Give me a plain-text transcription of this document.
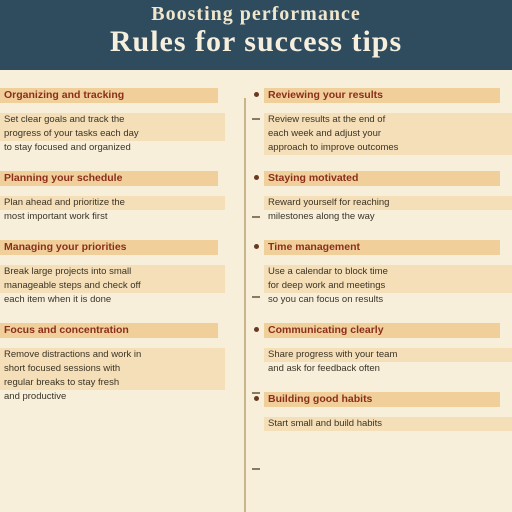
Boosting performance
Rules for success tips
Organizing and tracking
Set clear goals and track the
progress of your tasks each day
to stay focused and organized
Planning your schedule
Plan ahead and prioritize the
most important work first
Managing your priorities
Break large projects into small
manageable steps and check off
each item when it is done
Focus and concentration
Remove distractions and work in
short focused sessions with
regular breaks to stay fresh
and productive
Reviewing your results
Review results at the end of
each week and adjust your
approach to improve outcomes
Staying motivated
Reward yourself for reaching
milestones along the way
Time management
Use a calendar to block time
for deep work and meetings
so you can focus on results
Communicating clearly
Share progress with your team
and ask for feedback often
Building good habits
Start small and build habits
